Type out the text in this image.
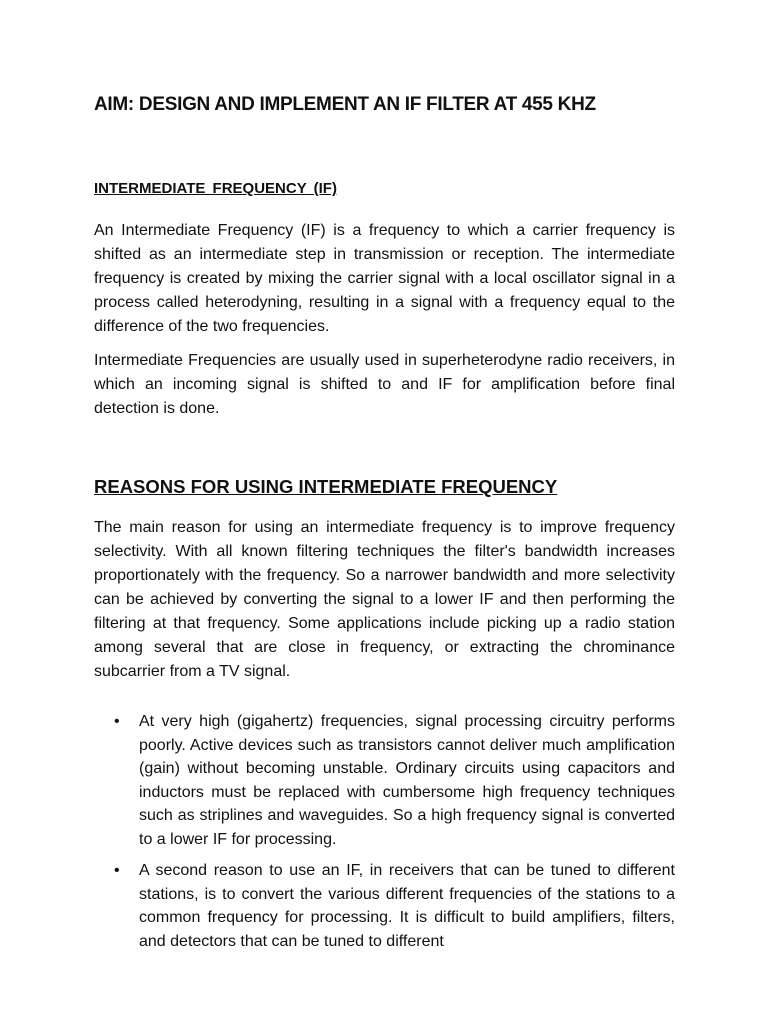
AIM: DESIGN AND IMPLEMENT AN IF FILTER AT 455 KHZ
INTERMEDIATE FREQUENCY (IF)

An Intermediate Frequency (IF) is a frequency to which a carrier frequency is shifted as an intermediate step in transmission or reception. The intermediate frequency is created by mixing the carrier signal with a local oscillator signal in a process called heterodyning, resulting in a signal with a frequency equal to the difference of the two frequencies.

Intermediate Frequencies are usually used in superheterodyne radio receivers, in which an incoming signal is shifted to and IF for amplification before final detection is done.

REASONS FOR USING INTERMEDIATE FREQUENCY

The main reason for using an intermediate frequency is to improve frequency selectivity. With all known filtering techniques the filter's bandwidth increases proportionately with the frequency. So a narrower bandwidth and more selectivity can be achieved by converting the signal to a lower IF and then performing the filtering at that frequency. Some applications include picking up a radio station among several that are close in frequency, or extracting the chrominance subcarrier from a TV signal.

• At very high (gigahertz) frequencies, signal processing circuitry performs poorly. Active devices such as transistors cannot deliver much amplification (gain) without becoming unstable. Ordinary circuits using capacitors and inductors must be replaced with cumbersome high frequency techniques such as striplines and waveguides. So a high frequency signal is converted to a lower IF for processing.
• A second reason to use an IF, in receivers that can be tuned to different stations, is to convert the various different frequencies of the stations to a common frequency for processing. It is difficult to build amplifiers, filters, and detectors that can be tuned to different
